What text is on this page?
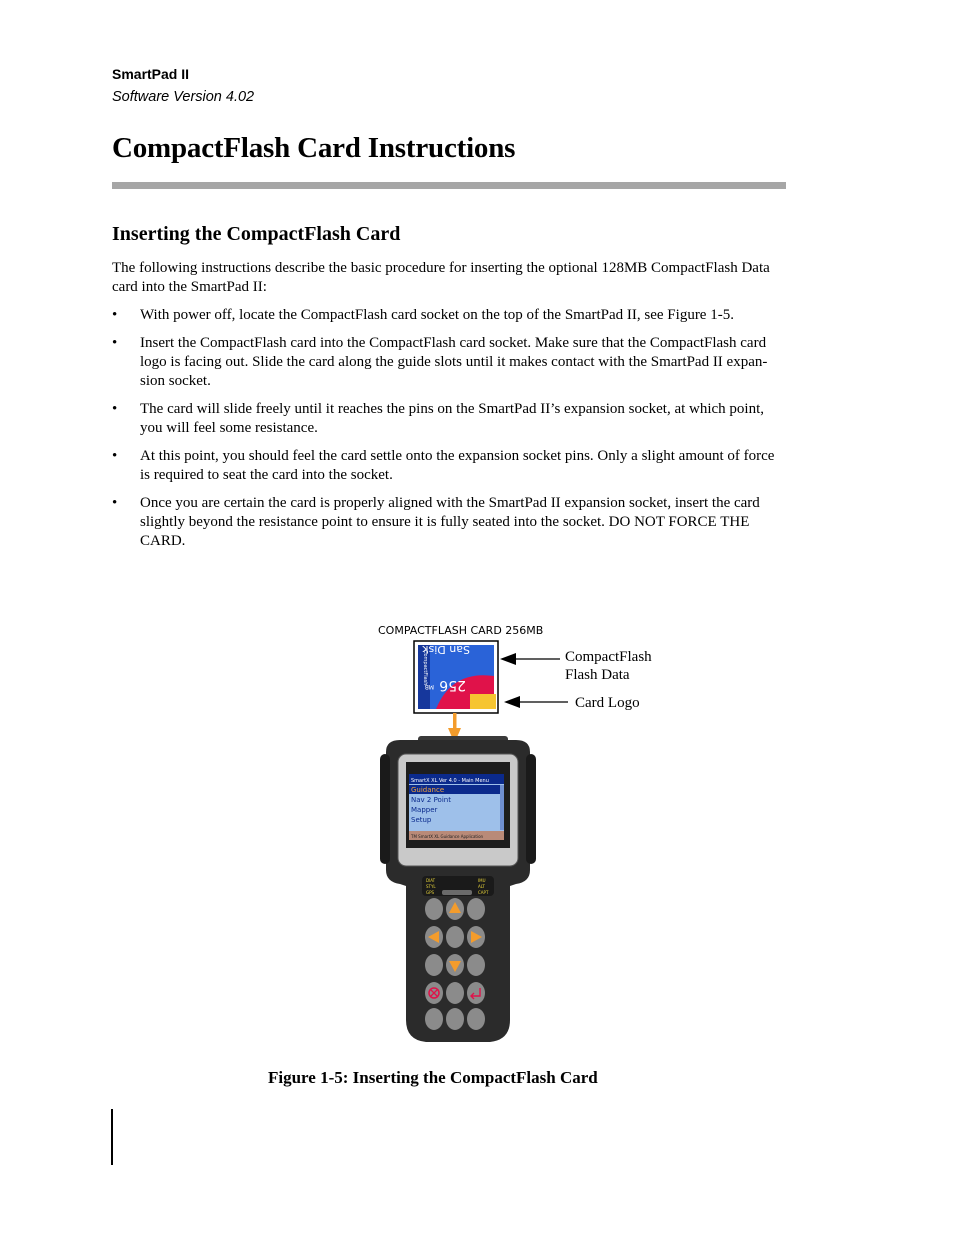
SmartPad II
Software Version 4.02
CompactFlash Card Instructions
Inserting the CompactFlash Card

The following instructions describe the basic procedure for inserting the optional 128MB CompactFlash Data card into the SmartPad II:

• With power off, locate the CompactFlash card socket on the top of the SmartPad II, see Figure 1-5.
• Insert the CompactFlash card into the CompactFlash card socket. Make sure that the CompactFlash card logo is facing out. Slide the card along the guide slots until it makes contact with the SmartPad II expan-sion socket.
• The card will slide freely until it reaches the pins on the SmartPad II’s expansion socket, at which point, you will feel some resistance.
• At this point, you should feel the card settle onto the expansion socket pins. Only a slight amount of force is required to seat the card into the socket.
• Once you are certain the card is properly aligned with the SmartPad II expansion socket, insert the card slightly beyond the resistance point to ensure it is fully seated into the socket. DO NOT FORCE THE CARD.
COMPACTFLASH CARD 256MB
256
MB
San Disk
CompactFlash
SmartX XL Ver 4.0 - Main Menu
Guidance
Nav 2 Point
Mapper
Setup
TM SmartX XL Guidance Application
DIAT
STYL
GPS
IMU
ALT
CAPT
CompactFlash
Flash Data
Card Logo
Figure 1-5: Inserting the CompactFlash Card
